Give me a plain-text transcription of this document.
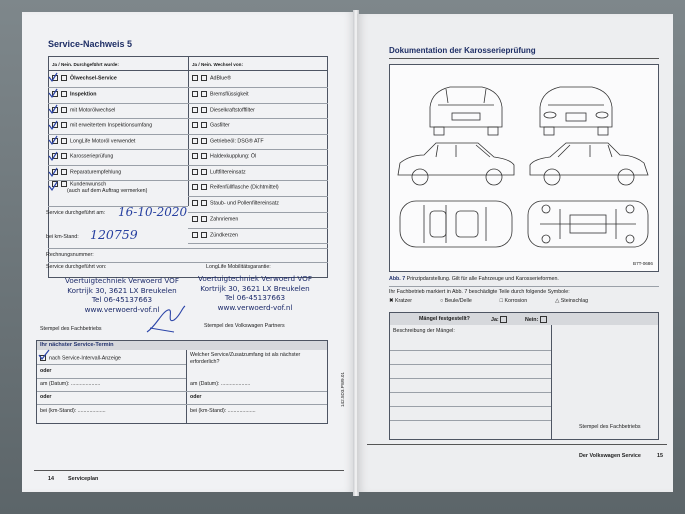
Service-Nachweis 5
Ja / Nein. Durchgeführt wurde:	Ja / Nein. Wechsel von:
Ölwechsel-Service
Inspektion
mit Motorölwechsel
mit erweitertem Inspektionsumfang
LongLife Motoröl verwendet
Karosserieprüfung
Reparaturempfehlung
Kundenwunsch
(auch auf dem Auftrag vermerken)
AdBlue®
Bremsflüssigkeit
Dieselkraftstofffilter
Gasfilter
Getriebeöl: DSG® ATF
Haldexkupplung: Öl
Luftfiltereinsatz
Reifenfüllflasche (Dichtmittel)
Staub- und Pollenfiltereinsatz
Zahnriemen
Zündkerzen
Service durchgeführt am: 16-10-2020
bei km-Stand: 120759
Rechnungsnummer:
Service durchgeführt von:	LongLife Mobilitätsgarantie:
Voertuigtechniek Verwoerd VOF
Kortrijk 30, 3621 LX Breukelen
Tel 06-45137663
www.verwoerd-vof.nl
Voertuigtechniek Verwoerd VOF
Kortrijk 30, 3621 LX Breukelen
Tel 06-45137663
www.verwoerd-vof.nl
Stempel des Fachbetriebs	Stempel des Volkswagen Partners
Ihr nächster Service-Termin
nach Service-Intervall-Anzeige
oder
am (Datum): ....................
oder
bei (km-Stand): ...................
Welcher Service/Zusatzumfang ist als nächster erforderlich?
am (Datum): ....................
oder
bei (km-Stand): ...................
142.5D3.PW9.01
14	Serviceplan
Dokumentation der Karosserieprüfung
B7T-0686
Abb. 7 Prinzipdarstellung. Gilt für alle Fahrzeuge und Karosserieformen.
Ihr Fachbetrieb markiert in Abb. 7 beschädigte Teile durch folgende Symbole:
✖ Kratzer	○ Beule/Delle	□ Korrosion	△ Steinschlag
Mängel festgestellt?	Ja:	Nein:
Beschreibung der Mängel:
Stempel des Fachbetriebs
Der Volkswagen Service	15
